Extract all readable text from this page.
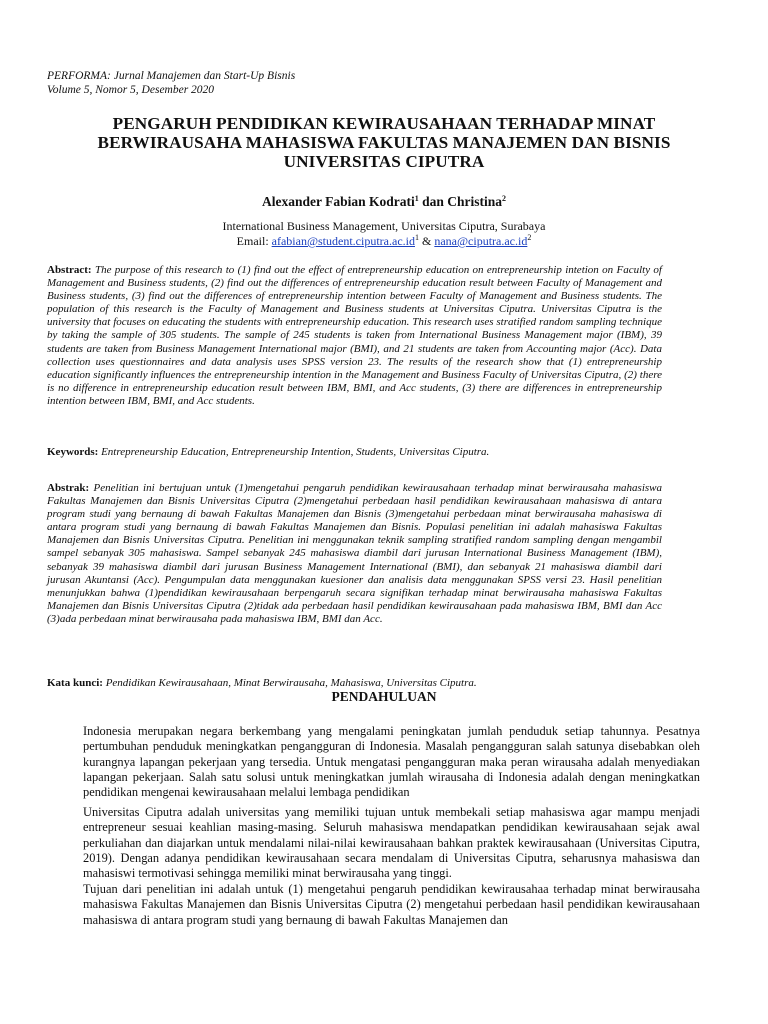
PERFORMA: Jurnal Manajemen dan Start-Up Bisnis
Volume 5, Nomor 5, Desember 2020
PENGARUH PENDIDIKAN KEWIRAUSAHAAN TERHADAP MINAT BERWIRAUSAHA MAHASISWA FAKULTAS MANAJEMEN DAN BISNIS UNIVERSITAS CIPUTRA
Alexander Fabian Kodrati$^1$ dan Christina$^2$
International Business Management, Universitas Ciputra, Surabaya
Email: $afabian@student.ciputra.ac.id^1$ & $nana@ciputra.ac.id^2$
Abstract: The purpose of this research to (1) find out the effect of entrepreneurship education on entrepreneurship intetion on Faculty of Management and Business students, (2) find out the differences of entrepreneurship education result between Faculty of Management and Business students, (3) find out the differences of entrepreneurship intention between Faculty of Management and Business students. The population of this research is the Faculty of Management and Business students at Universitas Ciputra. Universitas Ciputra is the university that focuses on educating the students with entrepreneurship education. This research uses stratified random sampling technique by taking the sample of 305 students. The sample of 245 students is taken from International Business Management major (IBM), 39 students are taken from Business Management International major (BMI), and 21 students are taken from Accounting major (Acc). Data collection uses questionnaires and data analysis uses SPSS version 23. The results of the research show that (1) entrepreneurship education significantly influences the entrepreneurship intention in the Management and Business Faculty of Universitas Ciputra, (2) there is no difference in entrepreneurship education result between IBM, BMI, and Acc students, (3) there are differences in entrepreneurship intention between IBM, BMI, and Acc students.
Keywords: Entrepreneurship Education, Entrepreneurship Intention, Students, Universitas Ciputra.
Abstrak: Penelitian ini bertujuan untuk (1)mengetahui pengaruh pendidikan kewirausahaan terhadap minat berwirausaha mahasiswa Fakultas Manajemen dan Bisnis Universitas Ciputra (2)mengetahui perbedaan hasil pendidikan kewirausahaan mahasiswa di antara program studi yang bernaung di bawah Fakultas Manajemen dan Bisnis (3)mengetahui perbedaan minat berwirausaha mahasiswa di antara program studi yang bernaung di bawah Fakultas Manajemen dan Bisnis. Populasi penelitian ini adalah mahasiswa Fakultas Manajemen dan Bisnis Universitas Ciputra. Penelitian ini menggunakan teknik sampling stratified random sampling dengan mengambil sampel sebanyak 305 mahasiswa. Sampel sebanyak 245 mahasiswa diambil dari jurusan International Business Management (IBM), sebanyak 39 mahasiswa diambil dari jurusan Business Management International (BMI), dan sebanyak 21 mahasiswa diambil dari jurusan Akuntansi (Acc). Pengumpulan data menggunakan kuesioner dan analisis data menggunakan SPSS versi 23. Hasil penelitian menunjukkan bahwa (1)pendidikan kewirausahaan berpengaruh secara signifikan terhadap minat berwirausaha mahasiswa Fakultas Manajemen dan Bisnis Universitas Ciputra (2)tidak ada perbedaan hasil pendidikan kewirausahaan pada mahasiswa IBM, BMI dan Acc (3)ada perbedaan minat berwirausaha pada mahasiswa IBM, BMI dan Acc.
Kata kunci: Pendidikan Kewirausahaan, Minat Berwirausaha, Mahasiswa, Universitas Ciputra.
PENDAHULUAN
Indonesia merupakan negara berkembang yang mengalami peningkatan jumlah penduduk setiap tahunnya. Pesatnya pertumbuhan penduduk meningkatkan pengangguran di Indonesia. Masalah pengangguran salah satunya disebabkan oleh kurangnya lapangan pekerjaan yang tersedia. Untuk mengatasi pengangguran maka peran wirausaha adalah menyediakan lapangan pekerjaan. Salah satu solusi untuk meningkatkan jumlah wirausaha di Indonesia adalah dengan meningkatkan pendidikan mengenai kewirausahaan melalui lembaga pendidikan
Universitas Ciputra adalah universitas yang memiliki tujuan untuk membekali setiap mahasiswa agar mampu menjadi entrepreneur sesuai keahlian masing-masing. Seluruh mahasiswa mendapatkan pendidikan kewirausahaan sejak awal perkuliahan dan diajarkan untuk mendalami nilai-nilai kewirausahaan bahkan praktek kewirausahaan (Universitas Ciputra, 2019). Dengan adanya pendidikan kewirausahaan secara mendalam di Universitas Ciputra, seharusnya mahasiswa dan mahasiswi termotivasi sehingga memiliki minat berwirausaha yang tinggi.
Tujuan dari penelitian ini adalah untuk (1) mengetahui pengaruh pendidikan kewirausahaa terhadap minat berwirausaha mahasiswa Fakultas Manajemen dan Bisnis Universitas Ciputra (2) mengetahui perbedaan hasil pendidikan kewirausahaan mahasiswa di antara program studi yang bernaung di bawah Fakultas Manajemen dan
